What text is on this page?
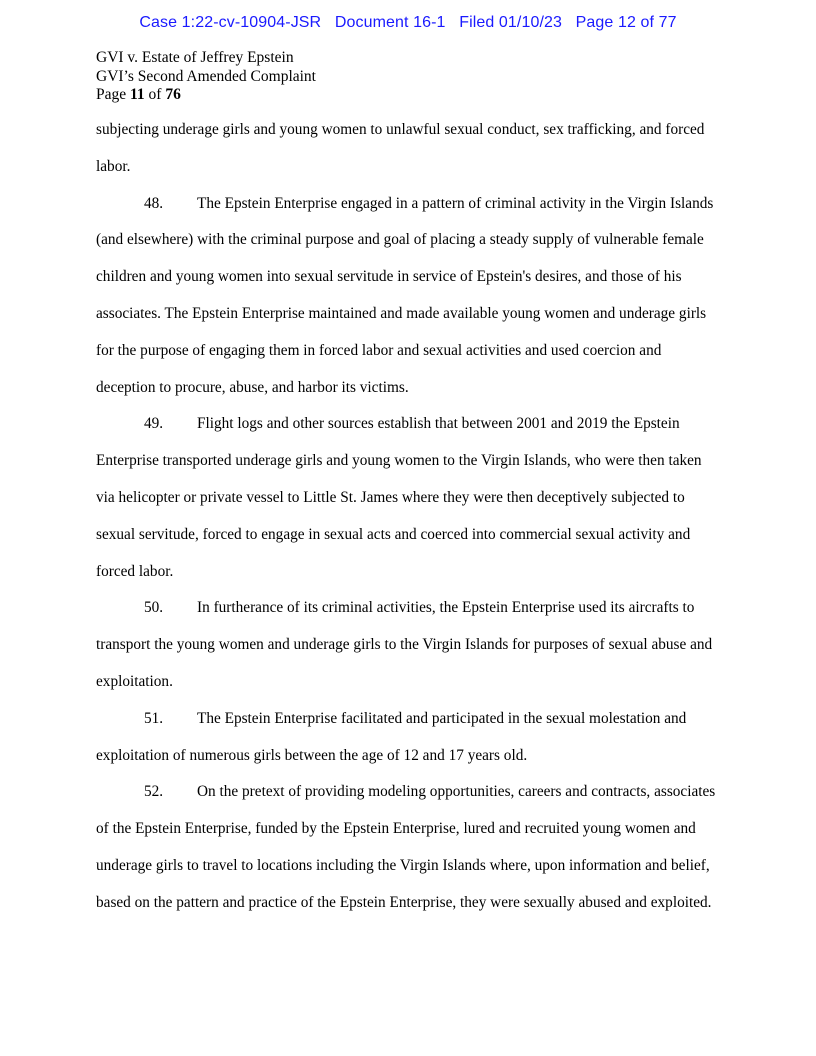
Case 1:22-cv-10904-JSR Document 16-1 Filed 01/10/23 Page 12 of 77
GVI v. Estate of Jeffrey Epstein
GVI’s Second Amended Complaint
Page 11 of 76

subjecting underage girls and young women to unlawful sexual conduct, sex trafficking, and forced labor.

48. The Epstein Enterprise engaged in a pattern of criminal activity in the Virgin Islands (and elsewhere) with the criminal purpose and goal of placing a steady supply of vulnerable female children and young women into sexual servitude in service of Epstein's desires, and those of his associates. The Epstein Enterprise maintained and made available young women and underage girls for the purpose of engaging them in forced labor and sexual activities and used coercion and deception to procure, abuse, and harbor its victims.

49. Flight logs and other sources establish that between 2001 and 2019 the Epstein Enterprise transported underage girls and young women to the Virgin Islands, who were then taken via helicopter or private vessel to Little St. James where they were then deceptively subjected to sexual servitude, forced to engage in sexual acts and coerced into commercial sexual activity and forced labor.

50. In furtherance of its criminal activities, the Epstein Enterprise used its aircrafts to transport the young women and underage girls to the Virgin Islands for purposes of sexual abuse and exploitation.

51. The Epstein Enterprise facilitated and participated in the sexual molestation and exploitation of numerous girls between the age of 12 and 17 years old.

52. On the pretext of providing modeling opportunities, careers and contracts, associates of the Epstein Enterprise, funded by the Epstein Enterprise, lured and recruited young women and underage girls to travel to locations including the Virgin Islands where, upon information and belief, based on the pattern and practice of the Epstein Enterprise, they were sexually abused and exploited.
